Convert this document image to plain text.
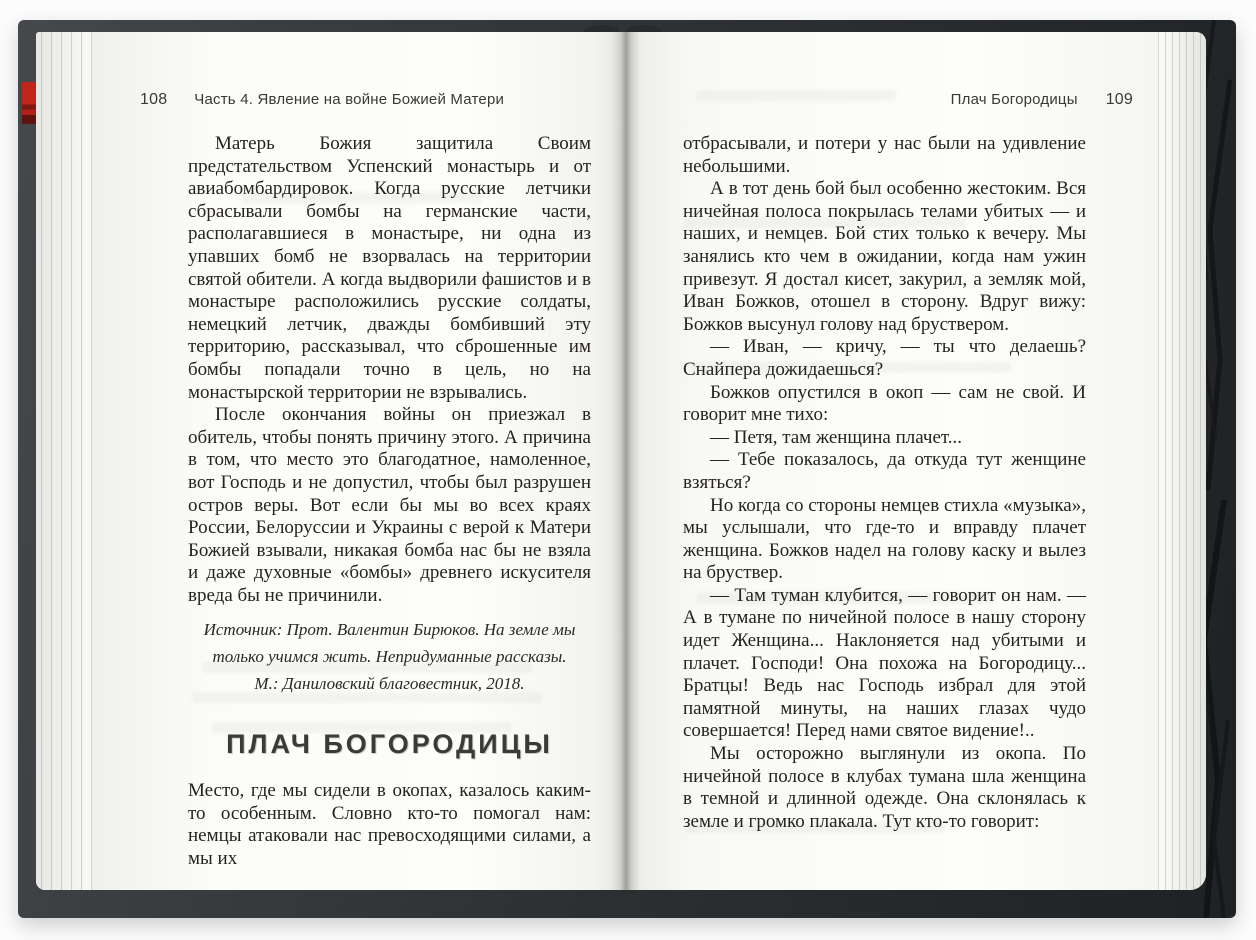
108 Часть 4. Явление на войне Божией Матери

Матерь Божия защитила Своим предстательством Успенский монастырь и от авиабомбардировок. Когда русские летчики сбрасывали бомбы на германские части, располагавшиеся в монастыре, ни одна из упавших бомб не взорвалась на территории святой обители. А когда выдворили фашистов и в монастыре расположились русские солдаты, немецкий летчик, дважды бомбивший эту территорию, рассказывал, что сброшенные им бомбы попадали точно в цель, но на монастырской территории не взрывались.

После окончания войны он приезжал в обитель, чтобы понять причину этого. А причина в том, что место это благодатное, намоленное, вот Господь и не допустил, чтобы был разрушен остров веры. Вот если бы мы во всех краях России, Белоруссии и Украины с верой к Матери Божией взывали, никакая бомба нас бы не взяла и даже духовные «бомбы» древнего искусителя вреда бы не причинили.

Источник: Прот. Валентин Бирюков. На земле мы
только учимся жить. Непридуманные рассказы.
М.: Даниловский благовестник, 2018.
ПЛАЧ БОГОРОДИЦЫ

Место, где мы сидели в окопах, казалось каким-то особенным. Словно кто-то помогал нам: немцы атаковали нас превосходящими силами, а мы их

Плач Богородицы 109

отбрасывали, и потери у нас были на удивление небольшими.

А в тот день бой был особенно жестоким. Вся ничейная полоса покрылась телами убитых — и наших, и немцев. Бой стих только к вечеру. Мы занялись кто чем в ожидании, когда нам ужин привезут. Я достал кисет, закурил, а земляк мой, Иван Божков, отошел в сторону. Вдруг вижу: Божков высунул голову над бруствером.

— Иван, — кричу, — ты что делаешь? Снайпера дожидаешься?

Божков опустился в окоп — сам не свой. И говорит мне тихо:

— Петя, там женщина плачет...

— Тебе показалось, да откуда тут женщине взяться?

Но когда со стороны немцев стихла «музыка», мы услышали, что где-то и вправду плачет женщина. Божков надел на голову каску и вылез на бруствер.

— Там туман клубится, — говорит он нам. — А в тумане по ничейной полосе в нашу сторону идет Женщина... Наклоняется над убитыми и плачет. Господи! Она похожа на Богородицу... Братцы! Ведь нас Господь избрал для этой памятной минуты, на наших глазах чудо совершается! Перед нами святое видение!..

Мы осторожно выглянули из окопа. По ничейной полосе в клубах тумана шла женщина в темной и длинной одежде. Она склонялась к земле и громко плакала. Тут кто-то говорит:
